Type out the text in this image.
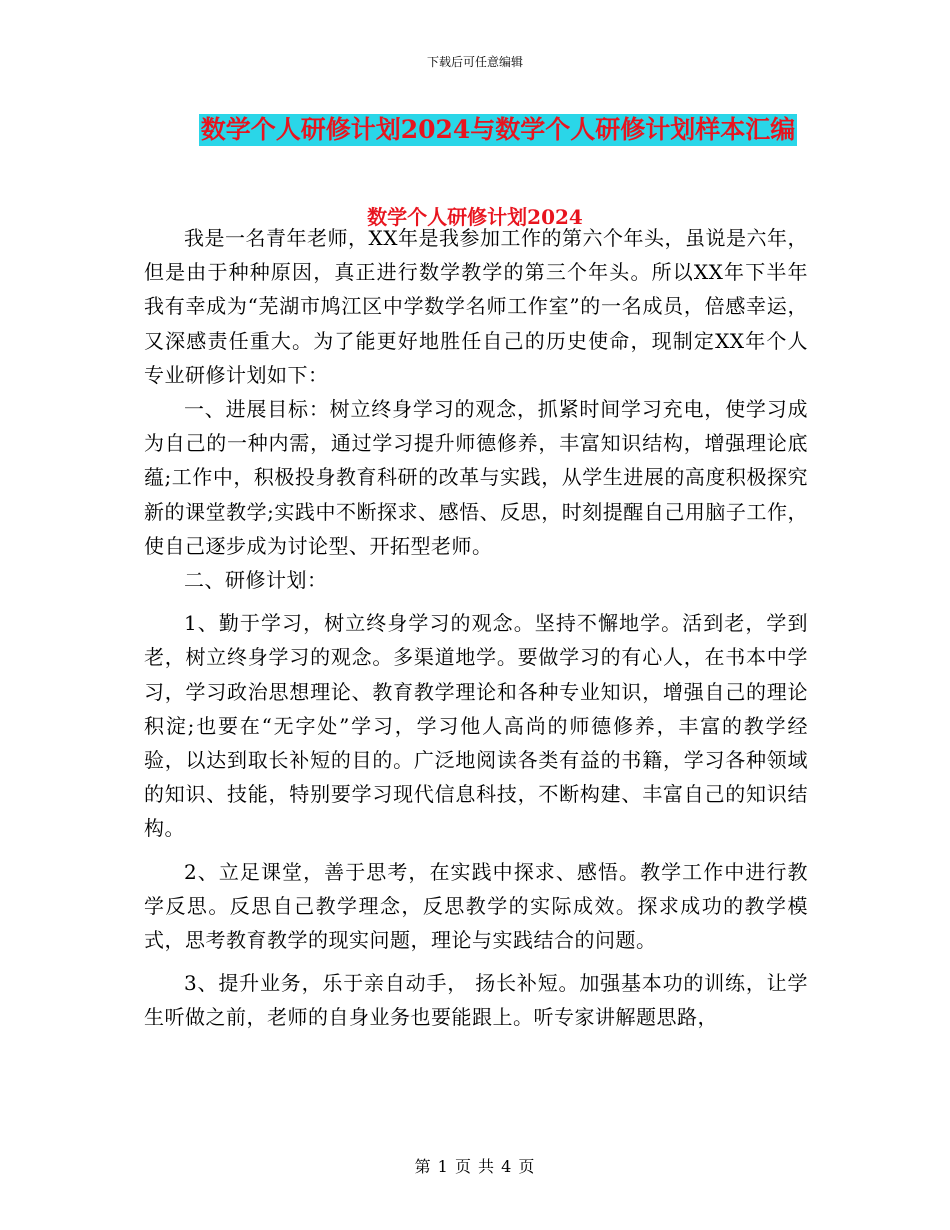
下载后可任意编辑
数学个人研修计划2024与数学个人研修计划样本汇编
数学个人研修计划2024

我是一名青年老师，XX年是我参加工作的第六个年头，虽说是六年，但是由于种种原因，真正进行数学教学的第三个年头。所以XX年下半年我有幸成为“芜湖市鸠江区中学数学名师工作室”的一名成员，倍感幸运，又深感责任重大。为了能更好地胜任自己的历史使命，现制定XX年个人专业研修计划如下：

一、进展目标：树立终身学习的观念，抓紧时间学习充电，使学习成为自己的一种内需，通过学习提升师德修养，丰富知识结构，增强理论底蕴;工作中，积极投身教育科研的改革与实践，从学生进展的高度积极探究新的课堂教学;实践中不断探求、感悟、反思，时刻提醒自己用脑子工作，使自己逐步成为讨论型、开拓型老师。

二、研修计划：

1、勤于学习，树立终身学习的观念。坚持不懈地学。活到老，学到老，树立终身学习的观念。多渠道地学。要做学习的有心人，在书本中学习，学习政治思想理论、教育教学理论和各种专业知识，增强自己的理论积淀;也要在“无字处”学习，学习他人高尚的师德修养，丰富的教学经验，以达到取长补短的目的。广泛地阅读各类有益的书籍，学习各种领域的知识、技能，特别要学习现代信息科技，不断构建、丰富自己的知识结构。

2、立足课堂，善于思考，在实践中探求、感悟。教学工作中进行教学反思。反思自己教学理念，反思教学的实际成效。探求成功的教学模式，思考教育教学的现实问题，理论与实践结合的问题。

3、提升业务，乐于亲自动手， 扬长补短。加强基本功的训练，让学生听做之前，老师的自身业务也要能跟上。听专家讲解题思路，

第 1 页 共 4 页
